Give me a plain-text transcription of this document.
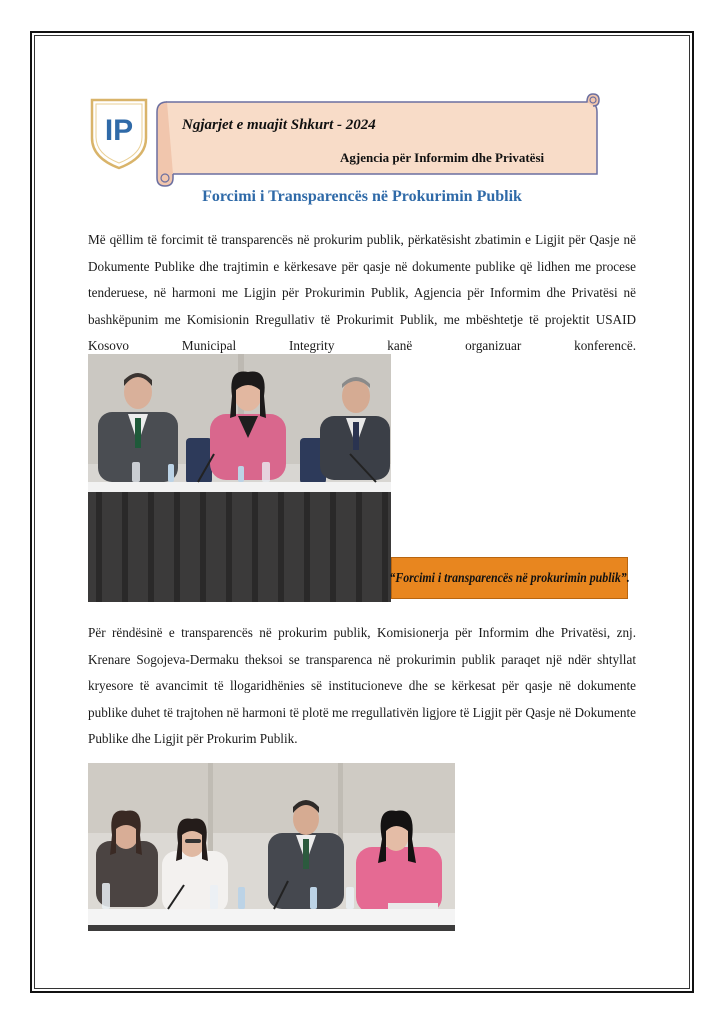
IP	Ngjarjet e muajit Shkurt - 2024
Agjencia për Informim dhe Privatësi
Forcimi i Transparencës në Prokurimin Publik

Më qëllim të forcimit të transparencës në prokurim publik, përkatësisht zbatimin e Ligjit për Qasje në Dokumente Publike dhe trajtimin e kërkesave për qasje në dokumente publike që lidhen me procese tenderuese, në harmoni me Ligjin për Prokurimin Publik, Agjencia për Informim dhe Privatësi në bashkëpunim me Komisionin Rregullativ të Prokurimit Publik, me mbështetje të projektit USAID Kosovo Municipal Integrity kanë organizuar konferencë.

“Forcimi i transparencës në prokurimin publik”.

Për rëndësinë e transparencës në prokurim publik, Komisionerja për Informim dhe Privatësi, znj. Krenare Sogojeva-Dermaku theksoi se transparenca në prokurimin publik paraqet një ndër shtyllat kryesore të avancimit të llogaridhënies së institucioneve dhe se kërkesat për qasje në dokumente publike duhet të trajtohen në harmoni të plotë me rregullativën ligjore të Ligjit për Qasje në Dokumente Publike dhe Ligjit për Prokurim Publik.
